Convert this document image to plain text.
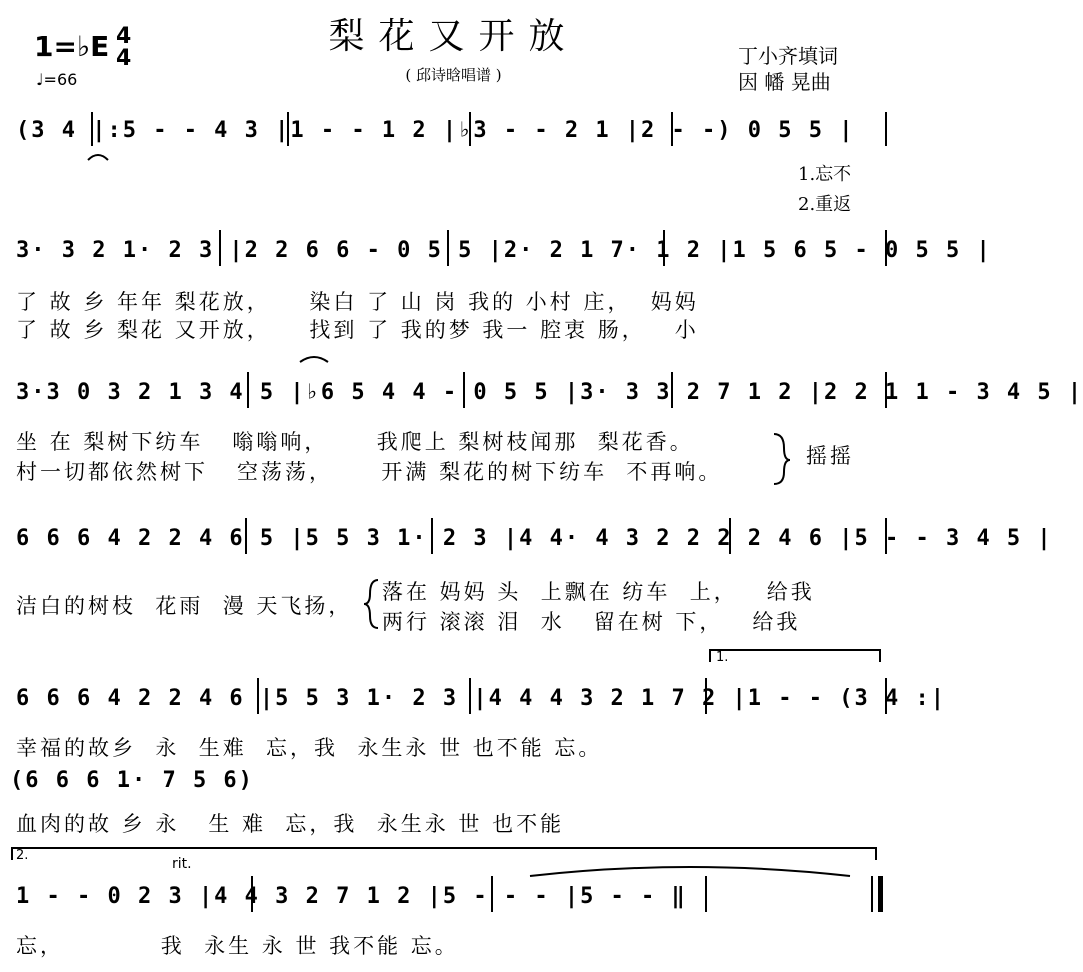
梨花又开放
( 邱诗晗唱谱 )
1=♭E 4
4
♩=66
丁小齐填词
因 幡 晃曲
(3 4 |:5 - - 4 3 |1 - - 1 2 |♭3 - - 2 1 |2 - -) 0 5 5 |
1.忘不
2.重返
3· 3 2 1· 2 3 |2 2 6 6 - 0 5 5 |2· 2 1 7· 1 2 |1 5 6 5 - 0 5 5 |
了 故 乡 年年 梨花放，    染白 了 山 岗 我的 小村 庄，  妈妈
了 故 乡 梨花 又开放，    找到 了 我的梦 我一 腔衷 肠，   小
3·3 0 3 2 1 3 4 5 |♭6 5 4 4 - 0 5 5 |3· 3 3 2 7 1 2 |2 2 1 1 - 3 4 5 |
坐 在 梨树下纺车   嗡嗡响，     我爬上 梨树枝闻那  梨花香。
村一切都依然树下   空荡荡，     开满 梨花的树下纺车  不再响。
摇摇
6 6 6 4 2 2 4 6 5 |5 5 3 1· 2 3 |4 4· 4 3 2 2 2 2 4 6 |5 - - 3 4 5 |
洁白的树枝  花雨  漫 天飞扬，
落在 妈妈 头  上飘在 纺车  上，   给我
两行 滚滚 泪  水   留在树 下，   给我
1.
6 6 6 4 2 2 4 6 |5 5 3 1· 2 3 |4 4 4 3 2 1 7 2 |1 - - (3 4 :|
幸福的故乡  永  生难  忘，我  永生永 世 也不能 忘。
(6 6 6 1· 7 5 6)
血肉的故 乡 永   生 难  忘，我  永生永 世 也不能
2.
rit.
1 - - 0 2 3 |4 4 3 2 7 1 2 |5 - - - |5 - - ‖
忘，          我  永生 永 世 我不能 忘。
